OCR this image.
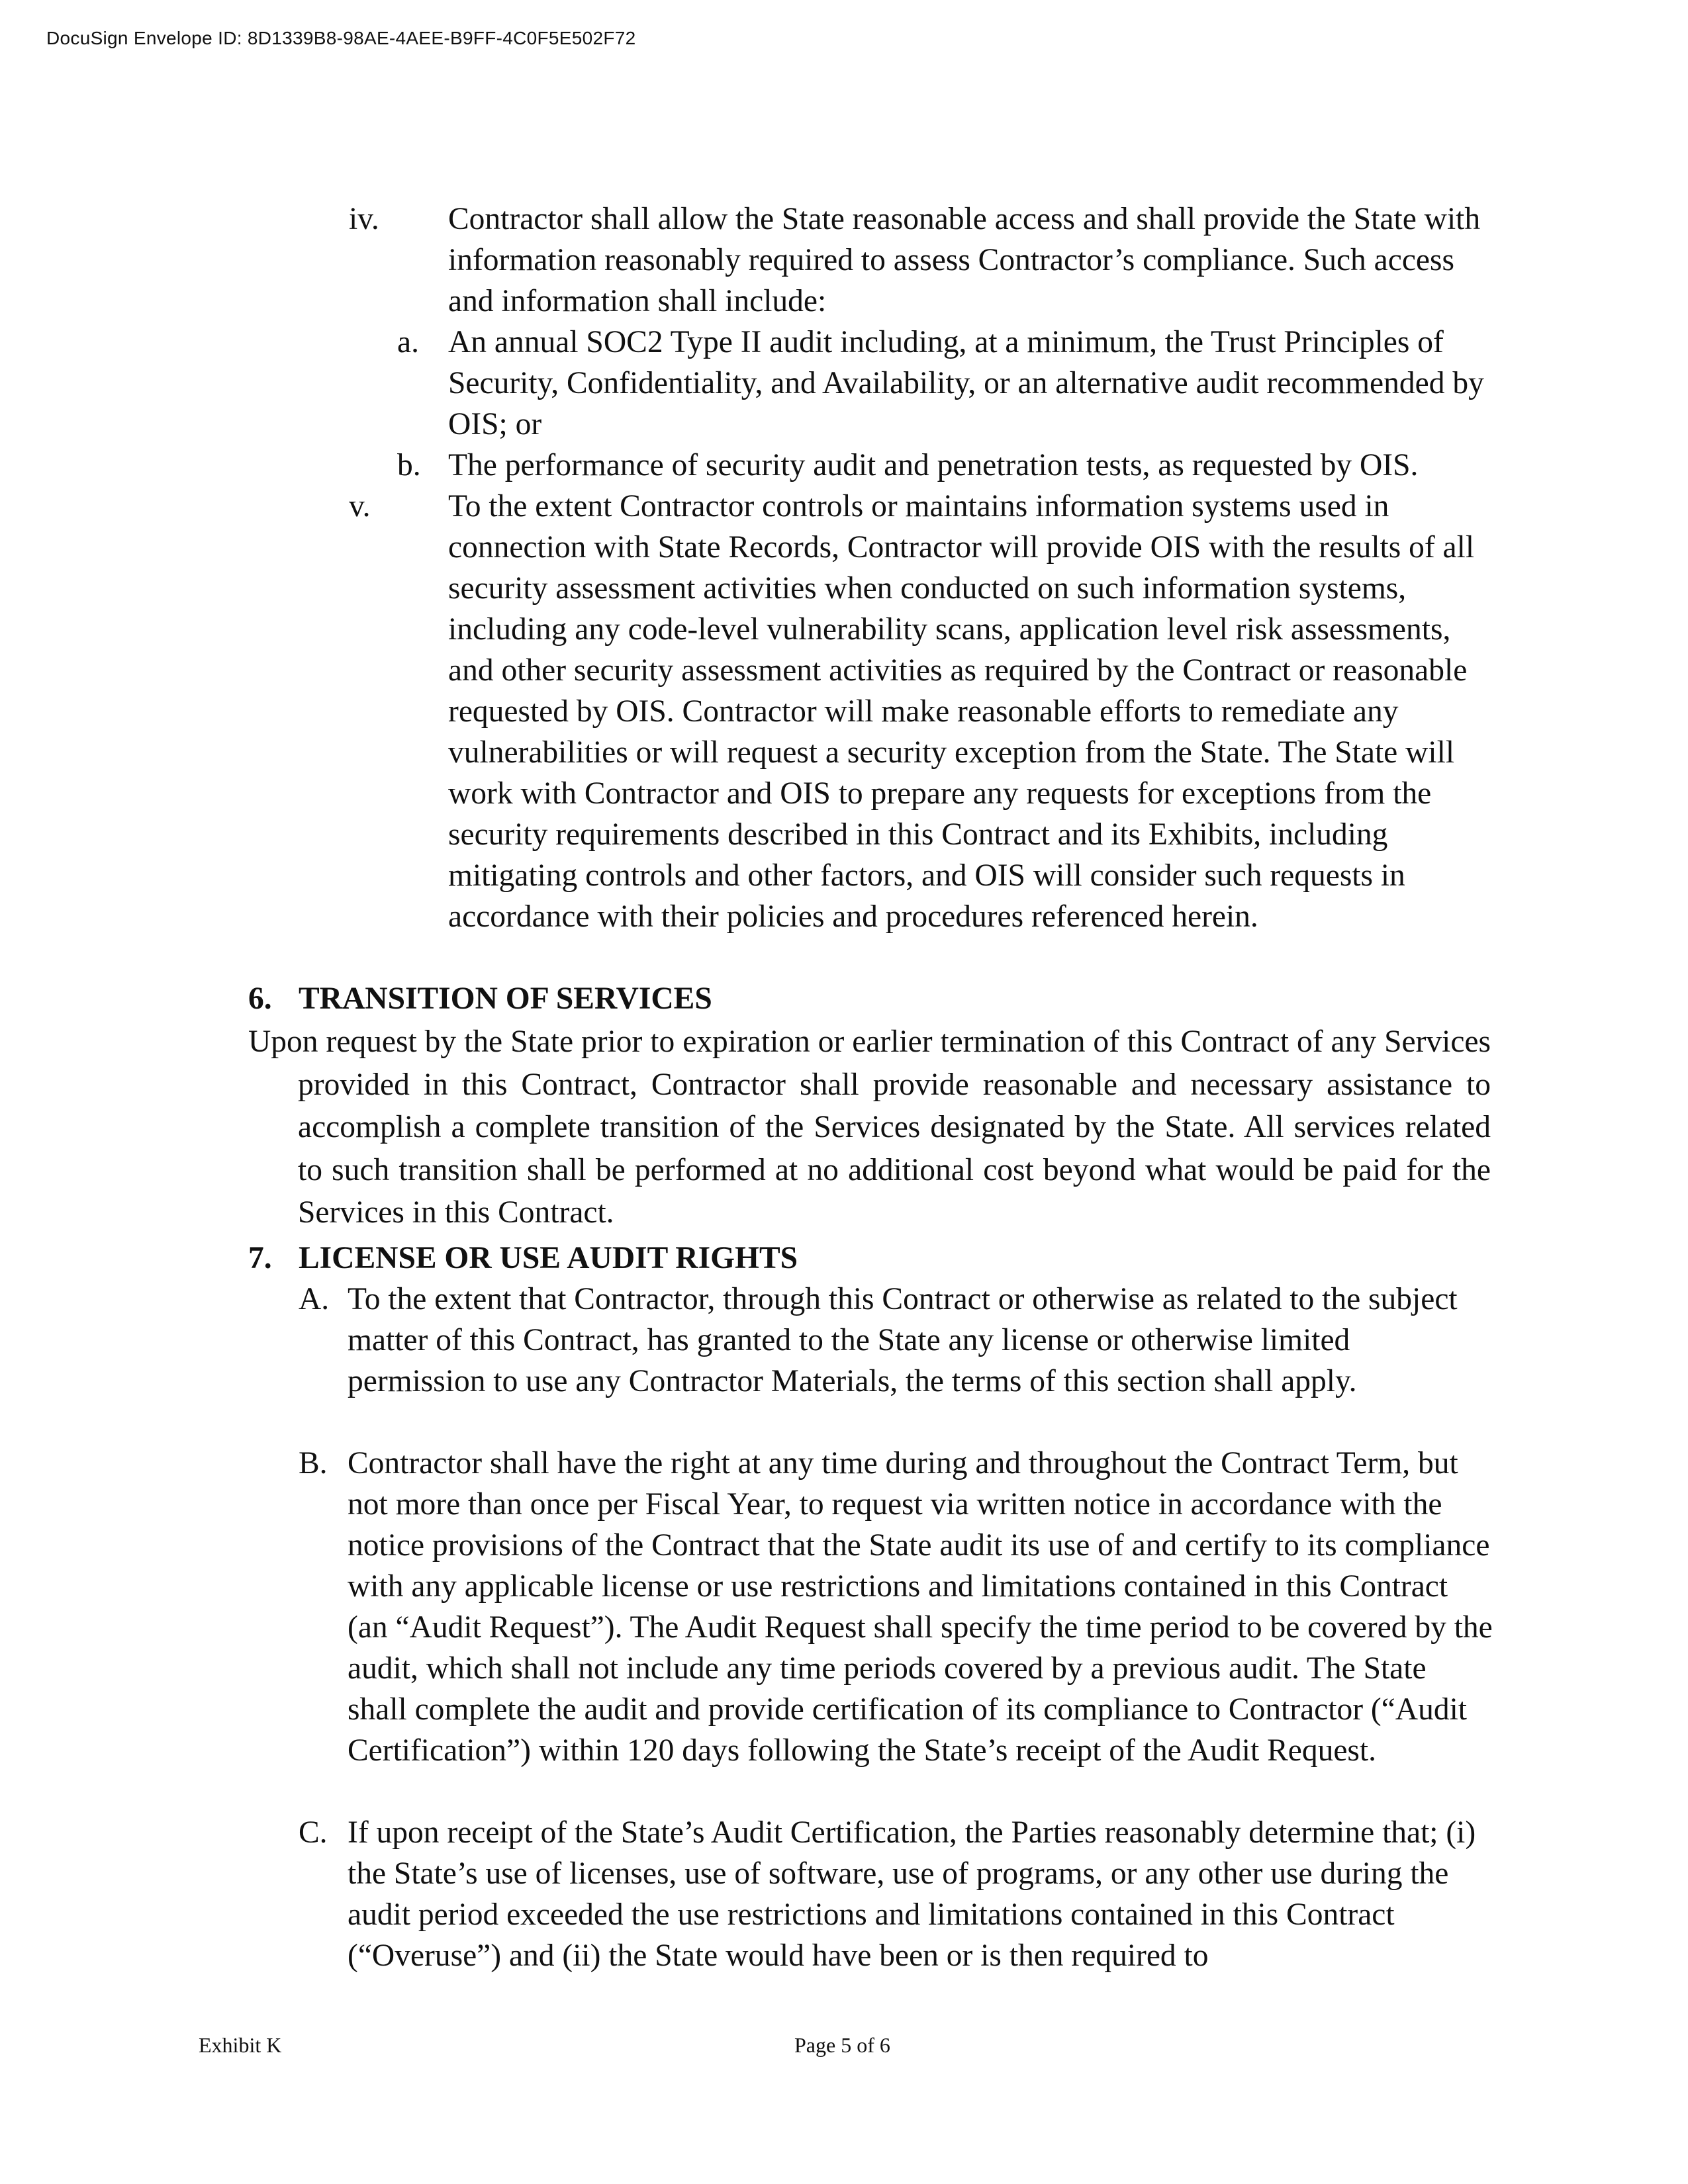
DocuSign Envelope ID: 8D1339B8-98AE-4AEE-B9FF-4C0F5E502F72
iv. Contractor shall allow the State reasonable access and shall provide the State with information reasonably required to assess Contractor’s compliance. Such access and information shall include:
a. An annual SOC2 Type II audit including, at a minimum, the Trust Principles of Security, Confidentiality, and Availability, or an alternative audit recommended by OIS; or
b. The performance of security audit and penetration tests, as requested by OIS.
v. To the extent Contractor controls or maintains information systems used in connection with State Records, Contractor will provide OIS with the results of all security assessment activities when conducted on such information systems, including any code-level vulnerability scans, application level risk assessments, and other security assessment activities as required by the Contract or reasonable requested by OIS. Contractor will make reasonable efforts to remediate any vulnerabilities or will request a security exception from the State. The State will work with Contractor and OIS to prepare any requests for exceptions from the security requirements described in this Contract and its Exhibits, including mitigating controls and other factors, and OIS will consider such requests in accordance with their policies and procedures referenced herein.
6. TRANSITION OF SERVICES
Upon request by the State prior to expiration or earlier termination of this Contract of any Services provided in this Contract, Contractor shall provide reasonable and necessary assistance to accomplish a complete transition of the Services designated by the State. All services related to such transition shall be performed at no additional cost beyond what would be paid for the Services in this Contract.
7. LICENSE OR USE AUDIT RIGHTS
A. To the extent that Contractor, through this Contract or otherwise as related to the subject matter of this Contract, has granted to the State any license or otherwise limited permission to use any Contractor Materials, the terms of this section shall apply.
B. Contractor shall have the right at any time during and throughout the Contract Term, but not more than once per Fiscal Year, to request via written notice in accordance with the notice provisions of the Contract that the State audit its use of and certify to its compliance with any applicable license or use restrictions and limitations contained in this Contract (an “Audit Request”). The Audit Request shall specify the time period to be covered by the audit, which shall not include any time periods covered by a previous audit. The State shall complete the audit and provide certification of its compliance to Contractor (“Audit Certification”) within 120 days following the State’s receipt of the Audit Request.
C. If upon receipt of the State’s Audit Certification, the Parties reasonably determine that; (i) the State’s use of licenses, use of software, use of programs, or any other use during the audit period exceeded the use restrictions and limitations contained in this Contract (“Overuse”) and (ii) the State would have been or is then required to
Exhibit K	Page 5 of 6
